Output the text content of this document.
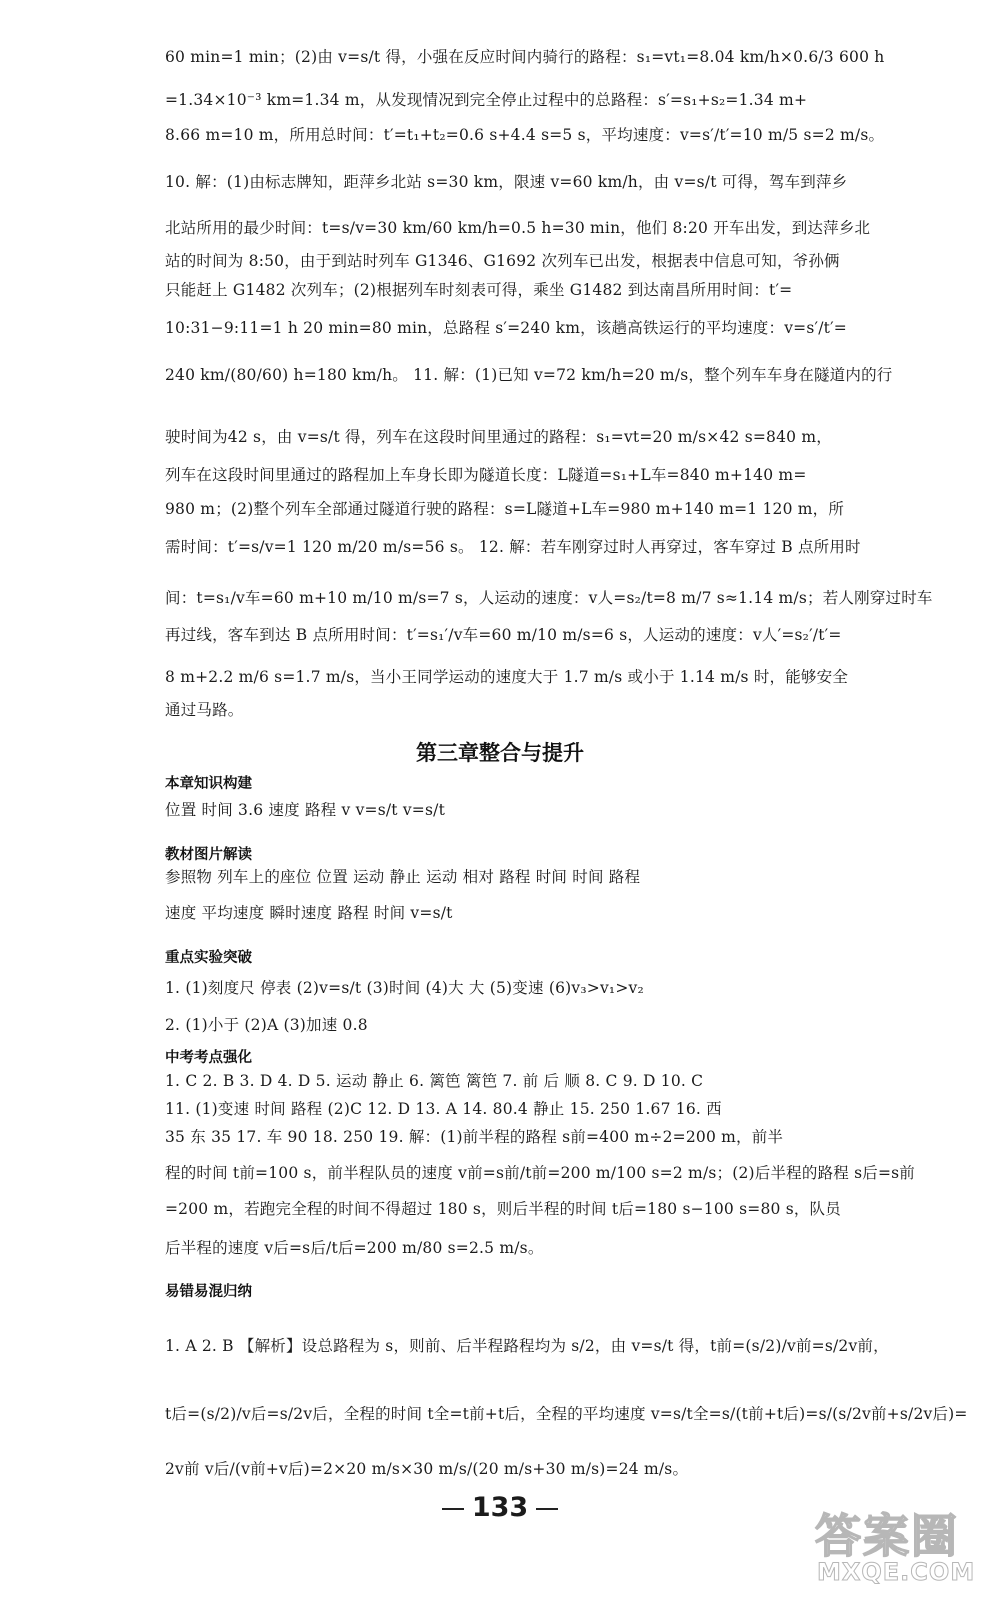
60 min=1 min；(2)由 v=s/t 得，小强在反应时间内骑行的路程：s₁=vt₁=8.04 km/h×0.6/3 600 h
=1.34×10⁻³ km=1.34 m，从发现情况到完全停止过程中的总路程：s′=s₁+s₂=1.34 m+
8.66 m=10 m，所用总时间：t′=t₁+t₂=0.6 s+4.4 s=5 s，平均速度：v=s′/t′=10 m/5 s=2 m/s。
10. 解：(1)由标志牌知，距萍乡北站 s=30 km，限速 v=60 km/h，由 v=s/t 可得，驾车到萍乡
北站所用的最少时间：t=s/v=30 km/60 km/h=0.5 h=30 min，他们 8:20 开车出发，到达萍乡北
站的时间为 8:50，由于到站时列车 G1346、G1692 次列车已出发，根据表中信息可知，爷孙俩
只能赶上 G1482 次列车；(2)根据列车时刻表可得，乘坐 G1482 到达南昌所用时间：t′=
10:31−9:11=1 h 20 min=80 min，总路程 s′=240 km，该趟高铁运行的平均速度：v=s′/t′=
240 km/(80/60) h=180 km/h。 11. 解：(1)已知 v=72 km/h=20 m/s，整个列车车身在隧道内的行
驶时间为42 s，由 v=s/t 得，列车在这段时间里通过的路程：s₁=vt=20 m/s×42 s=840 m，
列车在这段时间里通过的路程加上车身长即为隧道长度：L隧道=s₁+L车=840 m+140 m=
980 m；(2)整个列车全部通过隧道行驶的路程：s=L隧道+L车=980 m+140 m=1 120 m，所
需时间：t′=s/v=1 120 m/20 m/s=56 s。 12. 解：若车刚穿过时人再穿过，客车穿过 B 点所用时
间：t=s₁/v车=60 m+10 m/10 m/s=7 s，人运动的速度：v人=s₂/t=8 m/7 s≈1.14 m/s；若人刚穿过时车
再过线，客车到达 B 点所用时间：t′=s₁′/v车=60 m/10 m/s=6 s，人运动的速度：v人′=s₂′/t′=
8 m+2.2 m/6 s=1.7 m/s，当小王同学运动的速度大于 1.7 m/s 或小于 1.14 m/s 时，能够安全
通过马路。
第三章整合与提升
本章知识构建
位置 时间 3.6 速度 路程 v v=s/t v=s/t
教材图片解读
参照物 列车上的座位 位置 运动 静止 运动 相对 路程 时间 时间 路程
速度 平均速度 瞬时速度 路程 时间 v=s/t
重点实验突破
1. (1)刻度尺 停表 (2)v=s/t (3)时间 (4)大 大 (5)变速 (6)v₃>v₁>v₂
2. (1)小于 (2)A (3)加速 0.8
中考考点强化
1. C 2. B 3. D 4. D 5. 运动 静止 6. 篱笆 篱笆 7. 前 后 顺 8. C 9. D 10. C
11. (1)变速 时间 路程 (2)C 12. D 13. A 14. 80.4 静止 15. 250 1.67 16. 西
35 东 35 17. 车 90 18. 250 19. 解：(1)前半程的路程 s前=400 m÷2=200 m，前半
程的时间 t前=100 s，前半程队员的速度 v前=s前/t前=200 m/100 s=2 m/s；(2)后半程的路程 s后=s前
=200 m，若跑完全程的时间不得超过 180 s，则后半程的时间 t后=180 s−100 s=80 s，队员
后半程的速度 v后=s后/t后=200 m/80 s=2.5 m/s。
易错易混归纳
1. A 2. B 【解析】设总路程为 s，则前、后半程路程均为 s/2，由 v=s/t 得，t前=(s/2)/v前=s/2v前，
t后=(s/2)/v后=s/2v后，全程的时间 t全=t前+t后，全程的平均速度 v=s/t全=s/(t前+t后)=s/(s/2v前+s/2v后)=
2v前 v后/(v前+v后)=2×20 m/s×30 m/s/(20 m/s+30 m/s)=24 m/s。
133
答案圈
MXQE.COM
